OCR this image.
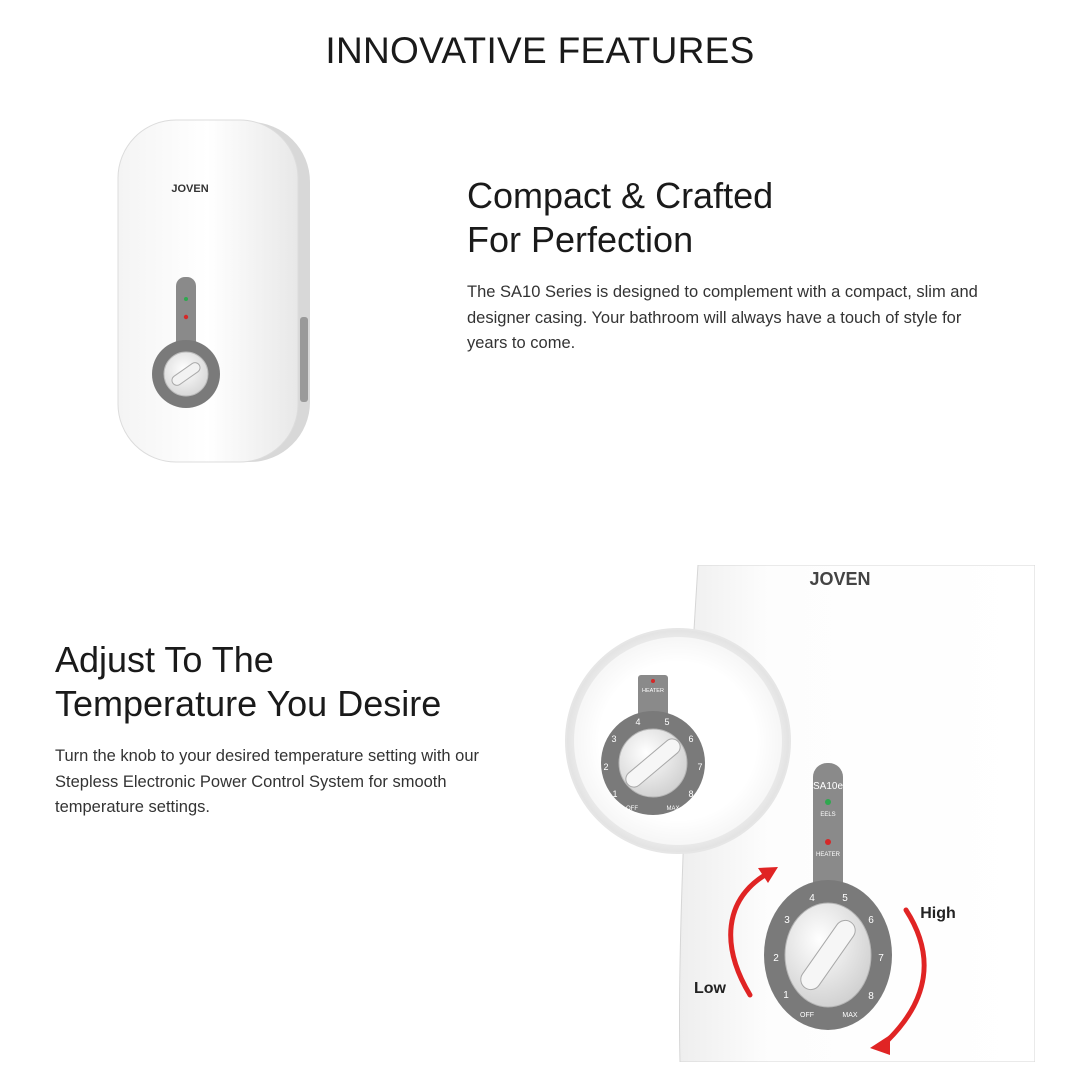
INNOVATIVE FEATURES
JOVEN	Compact & Crafted
For Perfection
The SA10 Series is designed to complement with a compact, slim and designer casing. Your bathroom will always have a touch of style for years to come.
Adjust To The
Temperature You Desire
Turn the knob to your desired temperature setting with our Stepless Electronic Power Control System for smooth temperature settings.
JOVEN
SA10e
EELS
HEATER
1
2
3
4	5
6
7
8
OFF	MAX
Low
High
HEATER
1
2
3
4	5
6
7
8
OFF	MAX
